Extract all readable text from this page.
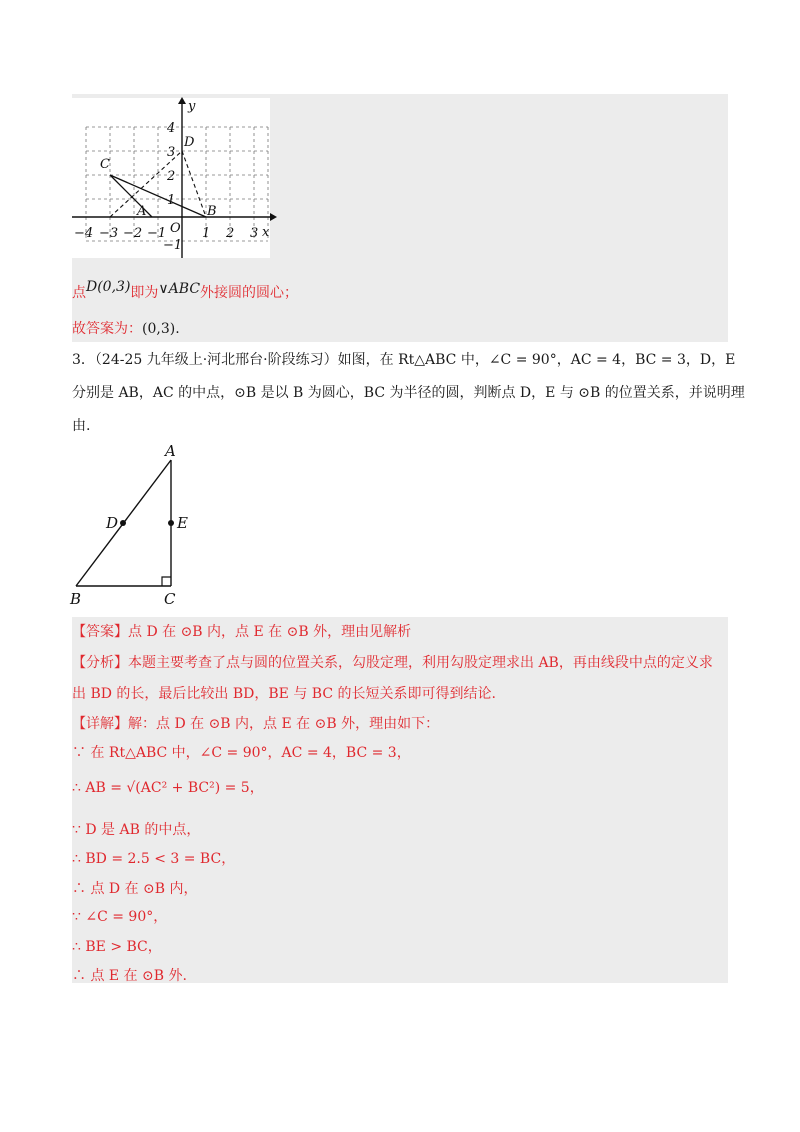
−4 −3 −2 −1	1 2 3
4
3
2
1
−1
O	x
y
A	B
C
D
点D(0,3)即为∨ABC外接圆的圆心；
故答案为：(0,3).
3．（24-25 九年级上·河北邢台·阶段练习）如图，在 Rt△ABC 中，∠C = 90°，AC = 4，BC = 3，D，E
分别是 AB，AC 的中点，⊙B 是以 B 为圆心，BC 为半径的圆，判断点 D，E 与 ⊙B 的位置关系，并说明理
由.
A
B	C
D	E
【答案】点 D 在 ⊙B 内，点 E 在 ⊙B 外，理由见解析
【分析】本题主要考查了点与圆的位置关系，勾股定理，利用勾股定理求出 AB，再由线段中点的定义求
出 BD 的长，最后比较出 BD，BE 与 BC 的长短关系即可得到结论.
【详解】解：点 D 在 ⊙B 内，点 E 在 ⊙B 外，理由如下：
∵ 在 Rt△ABC 中，∠C = 90°，AC = 4，BC = 3，
∴ AB = √(AC² + BC²) = 5，
∵ D 是 AB 的中点，
∴ BD = 2.5 < 3 = BC，
∴ 点 D 在 ⊙B 内，
∵ ∠C = 90°，
∴ BE > BC，
∴ 点 E 在 ⊙B 外.
